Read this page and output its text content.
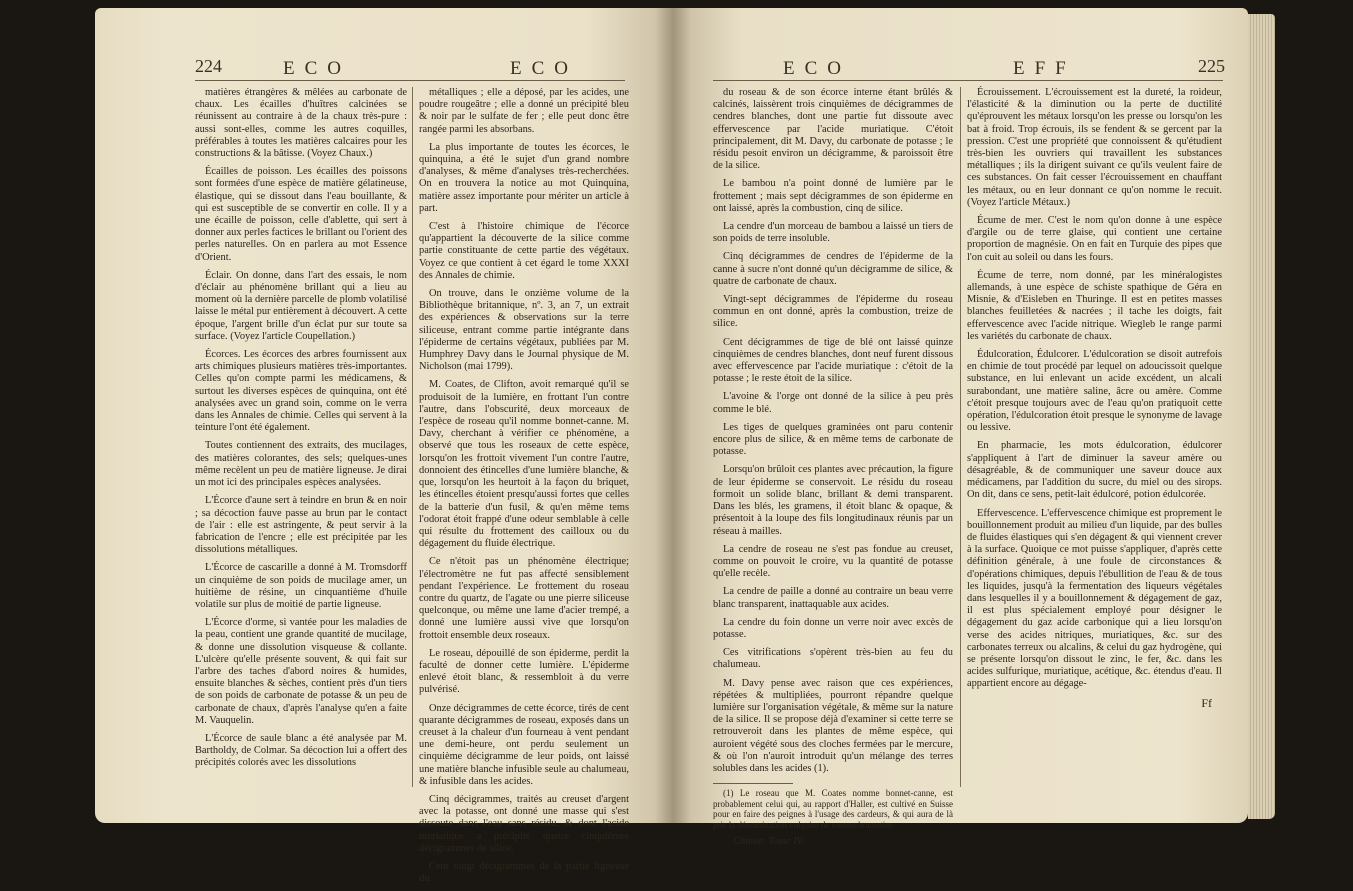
224	ECO	ECO

matières étrangères & mêlées au carbonate de chaux. Les écailles d'huîtres calcinées se réunissent au contraire à de la chaux très-pure : aussi sont-elles, comme les autres coquilles, préférables à toutes les matières calcaires pour les constructions & la bâtisse. (Voyez Chaux.)

Écailles de poisson. Les écailles des poissons sont formées d'une espèce de matière gélatineuse, élastique, qui se dissout dans l'eau bouillante, & qui est susceptible de se convertir en colle. Il y a une écaille de poisson, celle d'ablette, qui sert à donner aux perles factices le brillant ou l'orient des perles naturelles. On en parlera au mot Essence d'Orient.

Éclair. On donne, dans l'art des essais, le nom d'éclair au phénomène brillant qui a lieu au moment où la dernière parcelle de plomb volatilisé laisse le métal pur entièrement à découvert. A cette époque, l'argent brille d'un éclat pur sur toute sa surface. (Voyez l'article Coupellation.)

Écorces. Les écorces des arbres fournissent aux arts chimiques plusieurs matières très-importantes. Celles qu'on compte parmi les médicamens, & surtout les diverses espèces de quinquina, ont été analysées avec un grand soin, comme on le verra dans les Annales de chimie. Celles qui servent à la teinture l'ont été également.

Toutes contiennent des extraits, des mucilages, des matières colorantes, des sels; quelques-unes même recèlent un peu de matière ligneuse. Je dirai un mot ici des principales espèces analysées.

L'Écorce d'aune sert à teindre en brun & en noir ; sa décoction fauve passe au brun par le contact de l'air : elle est astringente, & peut servir à la fabrication de l'encre ; elle est précipitée par les dissolutions métalliques.

L'Écorce de cascarille a donné à M. Tromsdorff un cinquième de son poids de mucilage amer, un huitième de résine, un cinquantième d'huile volatile sur plus de moitié de partie ligneuse.

L'Écorce d'orme, si vantée pour les maladies de la peau, contient une grande quantité de mucilage, & donne une dissolution visqueuse & collante. L'ulcère qu'elle présente souvent, & qui fait sur l'arbre des taches d'abord noires & humides, ensuite blanches & sèches, contient près d'un tiers de son poids de carbonate de potasse & un peu de carbonate de chaux, d'après l'analyse qu'en a faite M. Vauquelin.

L'Écorce de saule blanc a été analysée par M. Bartholdy, de Colmar. Sa décoction lui a offert des précipités colorés avec les dissolutions

métalliques ; elle a déposé, par les acides, une poudre rougeâtre ; elle a donné un précipité bleu & noir par le sulfate de fer ; elle peut donc être rangée parmi les absorbans.

La plus importante de toutes les écorces, le quinquina, a été le sujet d'un grand nombre d'analyses, & même d'analyses très-recherchées. On en trouvera la notice au mot Quinquina, matière assez importante pour mériter un article à part.

C'est à l'histoire chimique de l'écorce qu'appartient la découverte de la silice comme partie constituante de cette partie des végétaux. Voyez ce que contient à cet égard le tome XXXI des Annales de chimie.

On trouve, dans le onzième volume de la Bibliothèque britannique, nº. 3, an 7, un extrait des expériences & observations sur la terre siliceuse, entrant comme partie intégrante dans l'épiderme de certains végétaux, publiées par M. Humphrey Davy dans le Journal physique de M. Nicholson (mai 1799).

M. Coates, de Clifton, avoit remarqué qu'il se produisoit de la lumière, en frottant l'un contre l'autre, dans l'obscurité, deux morceaux de l'espèce de roseau qu'il nomme bonnet-canne. M. Davy, cherchant à vérifier ce phénomène, a observé que tous les roseaux de cette espèce, lorsqu'on les frottoit vivement l'un contre l'autre, donnoient des étincelles d'une lumière blanche, & que, lorsqu'on les heurtoit à la façon du briquet, les étincelles étoient presqu'aussi fortes que celles de la batterie d'un fusil, & qu'en même tems l'odorat étoit frappé d'une odeur semblable à celle qui résulte du frottement des cailloux ou du dégagement du fluide électrique.

Ce n'étoit pas un phénomène électrique; l'électromètre ne fut pas affecté sensiblement pendant l'expérience. Le frottement du roseau contre du quartz, de l'agate ou une pierre siliceuse quelconque, ou même une lame d'acier trempé, a donné une lumière aussi vive que lorsqu'on frottoit ensemble deux roseaux.

Le roseau, dépouillé de son épiderme, perdit la faculté de donner cette lumière. L'épiderme enlevé étoit blanc, & ressembloit à du verre pulvérisé.

Onze décigrammes de cette écorce, tirés de cent quarante décigrammes de roseau, exposés dans un creuset à la chaleur d'un fourneau à vent pendant une demi-heure, ont perdu seulement un cinquième décigramme de leur poids, ont laissé une matière blanche infusible seule au chalumeau, & infusible dans les acides.

Cinq décigrammes, traités au creuset d'argent avec la potasse, ont donné une masse qui s'est dissoute dans l'eau sans résidu, & dont l'acide muriatique a précipité quatre cinquièmes décigrammes de silice.

Cent vingt décigrammes de la partie ligneuse du

ECO	EFF	225

du roseau & de son écorce interne étant brûlés & calcinés, laissèrent trois cinquièmes de décigrammes de cendres blanches, dont une partie fut dissoute avec effervescence par l'acide muriatique. C'étoit principalement, dit M. Davy, du carbonate de potasse ; le résidu pesoit environ un décigramme, & paroissoit être de la silice.

Le bambou n'a point donné de lumière par le frottement ; mais sept décigrammes de son épiderme en ont laissé, après la combustion, cinq de silice.

La cendre d'un morceau de bambou a laissé un tiers de son poids de terre insoluble.

Cinq décigrammes de cendres de l'épiderme de la canne à sucre n'ont donné qu'un décigramme de silice, & quatre de carbonate de chaux.

Vingt-sept décigrammes de l'épiderme du roseau commun en ont donné, après la combustion, treize de silice.

Cent décigrammes de tige de blé ont laissé quinze cinquièmes de cendres blanches, dont neuf furent dissous avec effervescence par l'acide muriatique : c'étoit de la potasse ; le reste étoit de la silice.

L'avoine & l'orge ont donné de la silice à peu près comme le blé.

Les tiges de quelques graminées ont paru contenir encore plus de silice, & en même tems de carbonate de potasse.

Lorsqu'on brûloit ces plantes avec précaution, la figure de leur épiderme se conservoit. Le résidu du roseau formoit un solide blanc, brillant & demi transparent. Dans les blés, les gramens, il étoit blanc & opaque, & présentoit à la loupe des fils longitudinaux réunis par un réseau à mailles.

La cendre de roseau ne s'est pas fondue au creuset, comme on pouvoit le croire, vu la quantité de potasse qu'elle recèle.

La cendre de paille a donné au contraire un beau verre blanc transparent, inattaquable aux acides.

La cendre du foin donne un verre noir avec excès de potasse.

Ces vitrifications s'opèrent très-bien au feu du chalumeau.

M. Davy pense avec raison que ces expériences, répétées & multipliées, pourront répandre quelque lumière sur l'organisation végétale, & même sur la nature de la silice. Il se propose déjà d'examiner si cette terre se retrouveroit dans les plantes de même espèce, qui auroient végété sous des cloches fermées par le mercure, & où l'on n'auroit introduit qu'un mélange des terres solubles dans les acides (1).

(1) Le roseau que M. Coates nomme bonnet-canne, est probablement celui qui, au rapport d'Haller, est cultivé en Suisse pour en faire des peignes à l'usage des cardeurs, & qui aura de là pris la dénomination vulgaire de roseau-bonnetier.

Chimie. Tome IV.

Écrouissement. L'écrouissement est la dureté, la roideur, l'élasticité & la diminution ou la perte de ductilité qu'éprouvent les métaux lorsqu'on les presse ou lorsqu'on les bat à froid. Trop écrouis, ils se fendent & se gercent par la pression. C'est une propriété que connoissent & qu'étudient très-bien les ouvriers qui travaillent les substances métalliques ; ils la dirigent suivant ce qu'ils veulent faire de ces substances. On fait cesser l'écrouissement en chauffant les métaux, ou en leur donnant ce qu'on nomme le recuit. (Voyez l'article Métaux.)

Écume de mer. C'est le nom qu'on donne à une espèce d'argile ou de terre glaise, qui contient une certaine proportion de magnésie. On en fait en Turquie des pipes que l'on cuit au soleil ou dans les fours.

Écume de terre, nom donné, par les minéralogistes allemands, à une espèce de schiste spathique de Géra en Misnie, & d'Eisleben en Thuringe. Il est en petites masses blanches feuilletées & nacrées ; il tache les doigts, fait effervescence avec l'acide nitrique. Wiegleb le range parmi les variétés du carbonate de chaux.

Édulcoration, Édulcorer. L'édulcoration se disoit autrefois en chimie de tout procédé par lequel on adoucissoit quelque substance, en lui enlevant un acide excédent, un alcali surabondant, une matière saline, âcre ou amère. Comme c'étoit presque toujours avec de l'eau qu'on pratiquoit cette opération, l'édulcoration étoit presque le synonyme de lavage ou lessive.

En pharmacie, les mots édulcoration, édulcorer s'appliquent à l'art de diminuer la saveur amère ou désagréable, & de communiquer une saveur douce aux médicamens, par l'addition du sucre, du miel ou des sirops. On dit, dans ce sens, petit-lait édulcoré, potion édulcorée.

Effervescence. L'effervescence chimique est proprement le bouillonnement produit au milieu d'un liquide, par des bulles de fluides élastiques qui s'en dégagent & qui viennent crever à la surface. Quoique ce mot puisse s'appliquer, d'après cette définition générale, à une foule de circonstances & d'opérations chimiques, depuis l'ébullition de l'eau & de tous les liquides, jusqu'à la fermentation des liqueurs végétales dans lesquelles il y a bouillonnement & dégagement de gaz, il est plus spécialement employé pour désigner le dégagement du gaz acide carbonique qui a lieu lorsqu'on verse des acides nitriques, muriatiques, &c. sur des carbonates terreux ou alcalins, & celui du gaz hydrogène, qui se présente lorsqu'on dissout le zinc, le fer, &c. dans les acides sulfurique, muriatique, acétique, &c. étendus d'eau. Il appartient encore au dégage-

Ff
